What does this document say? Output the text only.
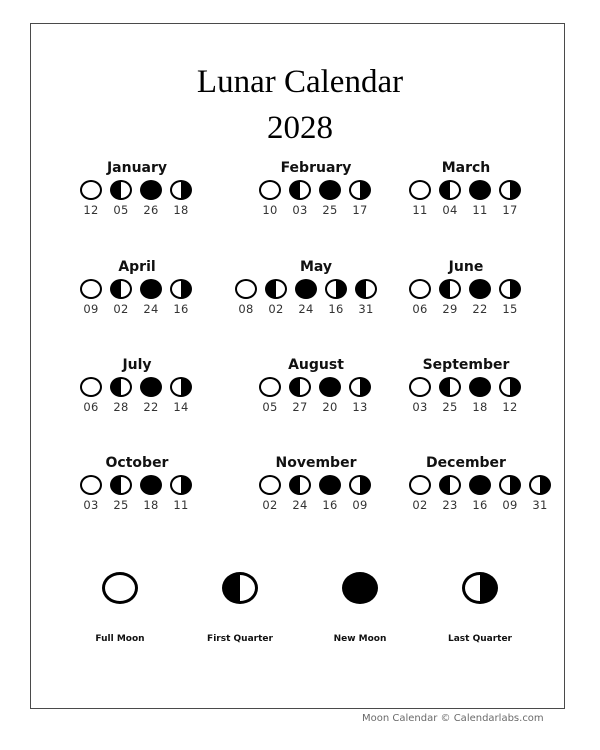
Lunar Calendar
2028
January
12	05	26	18
February
10	03	25	17
March
11	04	11	17
April
09	02	24	16
May
08	02	24	16	31
June
06	29	22	15
July
06	28	22	14
August
05	27	20	13
September
03	25	18	12
October
03	25	18	11
November
02	24	16	09
December
02	23	16	09	31
Full Moon	First Quarter	New Moon	Last Quarter
Moon Calendar © Calendarlabs.com
